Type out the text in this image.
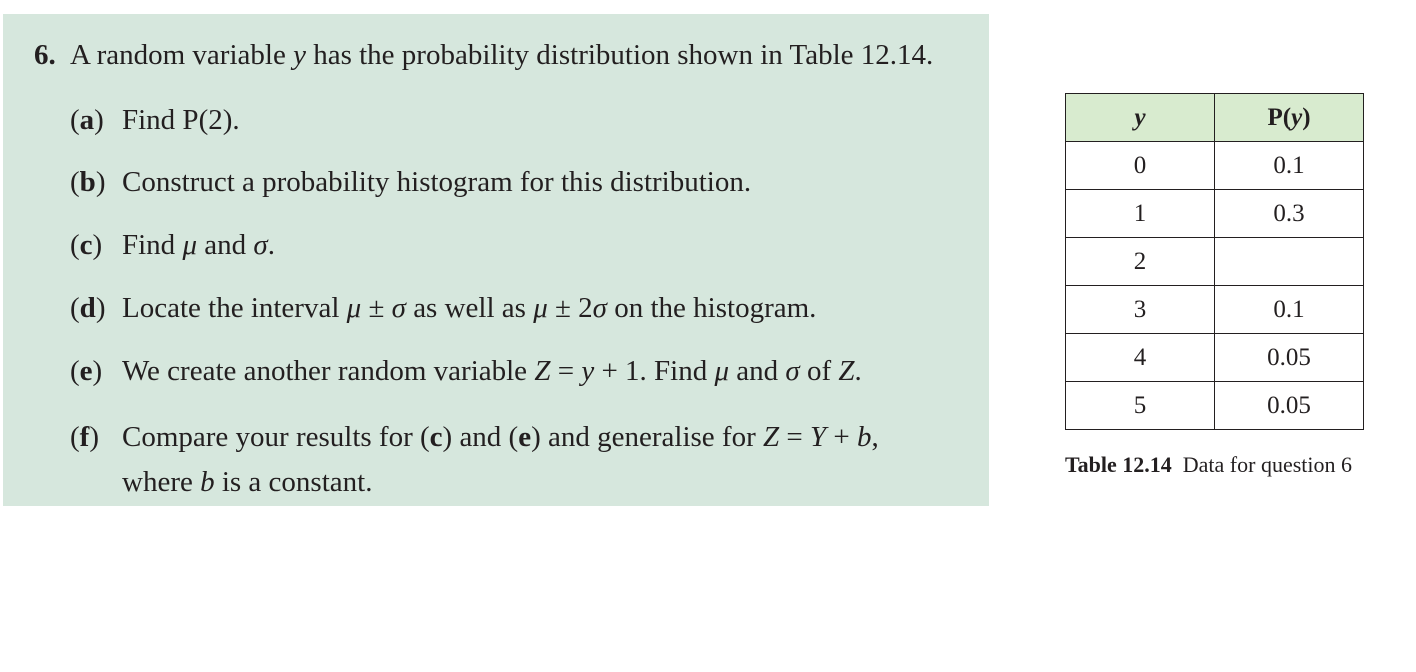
6. A random variable y has the probability distribution shown in Table 12.14.
(a) Find P(2).
(b) Construct a probability histogram for this distribution.
(c) Find μ and σ.
(d) Locate the interval μ ± σ as well as μ ± 2σ on the histogram.
(e) We create another random variable Z = y + 1. Find μ and σ of Z.
(f) Compare your results for (c) and (e) and generalise for Z = Y + b,
where b is a constant.
y	P(y)
0	0.1
1	0.3
2	
3	0.1
4	0.05
5	0.05
Table 12.14 Data for question 6
